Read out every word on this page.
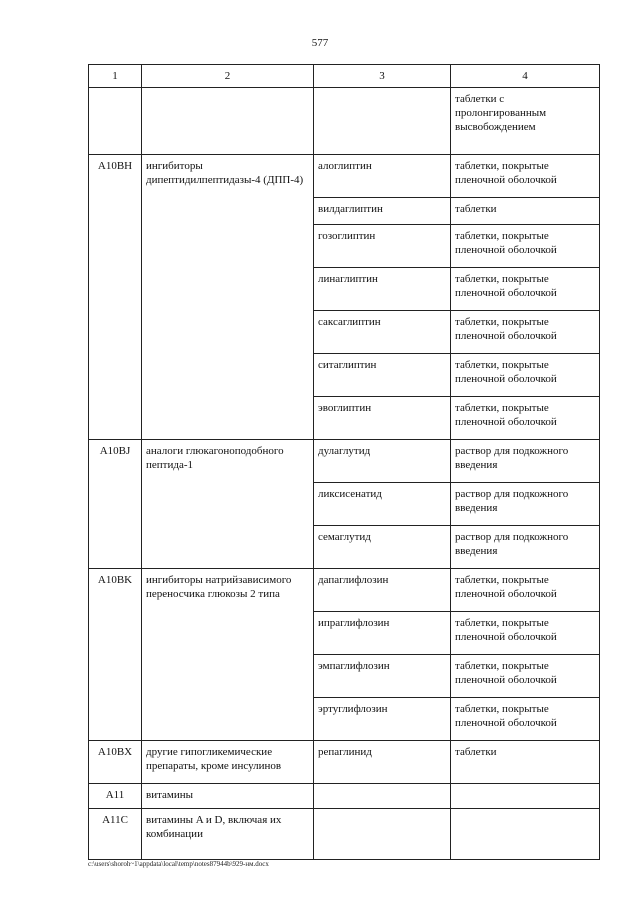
577
1	2	3	4
			таблетки с пролонгированным высвобождением
A10BH	ингибиторы дипептидилпептидазы-4 (ДПП-4)	алоглиптин	таблетки, покрытые пленочной оболочкой
		вилдаглиптин	таблетки
		гозоглиптин	таблетки, покрытые пленочной оболочкой
		линаглиптин	таблетки, покрытые пленочной оболочкой
		саксаглиптин	таблетки, покрытые пленочной оболочкой
		ситаглиптин	таблетки, покрытые пленочной оболочкой
		эвоглиптин	таблетки, покрытые пленочной оболочкой
A10BJ	аналоги глюкагоноподобного пептида-1	дулаглутид	раствор для подкожного введения
		ликсисенатид	раствор для подкожного введения
		семаглутид	раствор для подкожного введения
A10BK	ингибиторы натрийзависимого переносчика глюкозы 2 типа	дапаглифлозин	таблетки, покрытые пленочной оболочкой
		ипраглифлозин	таблетки, покрытые пленочной оболочкой
		эмпаглифлозин	таблетки, покрытые пленочной оболочкой
		эртуглифлозин	таблетки, покрытые пленочной оболочкой
A10BX	другие гипогликемические препараты, кроме инсулинов	репаглинид	таблетки
A11	витамины		
A11C	витамины A и D, включая их комбинации		
c:\users\shoroh~1\appdata\local\temp\notes87944b\929-нм.docx
